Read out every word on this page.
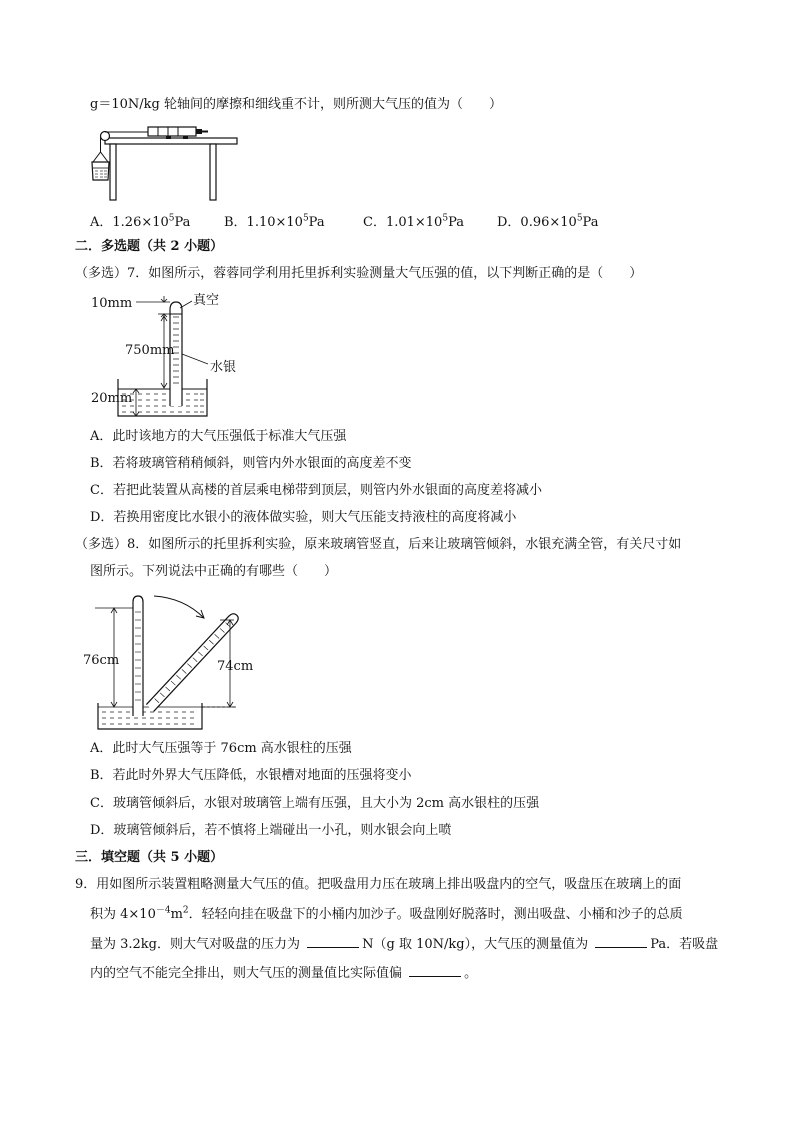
g＝10N/kg 轮轴间的摩擦和细线重不计，则所测大气压的值为（　　）
A．$1.26\times 10^5Pa$	B．$1.10\times 10^5Pa$	C．$1.01\times 10^5Pa$	D．$0.96\times 10^5Pa$
二．多选题（共 2 小题）
（多选）7．如图所示，蓉蓉同学利用托里拆利实验测量大气压强的值，以下判断正确的是（　　）
10mm	真空
750mm
水银
20mm
A．此时该地方的大气压强低于标准大气压强
B．若将玻璃管稍稍倾斜，则管内外水银面的高度差不变
C．若把此装置从高楼的首层乘电梯带到顶层，则管内外水银面的高度差将减小
D．若换用密度比水银小的液体做实验，则大气压能支持液柱的高度将减小
（多选）8．如图所示的托里拆利实验，原来玻璃管竖直，后来让玻璃管倾斜，水银充满全管，有关尺寸如
图所示。下列说法中正确的有哪些（　　）
76cm	74cm
A．此时大气压强等于 76cm 高水银柱的压强
B．若此时外界大气压降低，水银槽对地面的压强将变小
C．玻璃管倾斜后，水银对玻璃管上端有压强，且大小为 2cm 高水银柱的压强
D．玻璃管倾斜后，若不慎将上端碰出一小孔，则水银会向上喷
三．填空题（共 5 小题）
9．用如图所示装置粗略测量大气压的值。把吸盘用力压在玻璃上排出吸盘内的空气，吸盘压在玻璃上的面
积为 $4\times 10^{-4}m^2$．轻轻向挂在吸盘下的小桶内加沙子。吸盘刚好脱落时，测出吸盘、小桶和沙子的总质
量为 3.2kg．则大气对吸盘的压力为	N（g 取 10N/kg），大气压的测量值为	Pa．若吸盘
内的空气不能完全排出，则大气压的测量值比实际值偏	。
